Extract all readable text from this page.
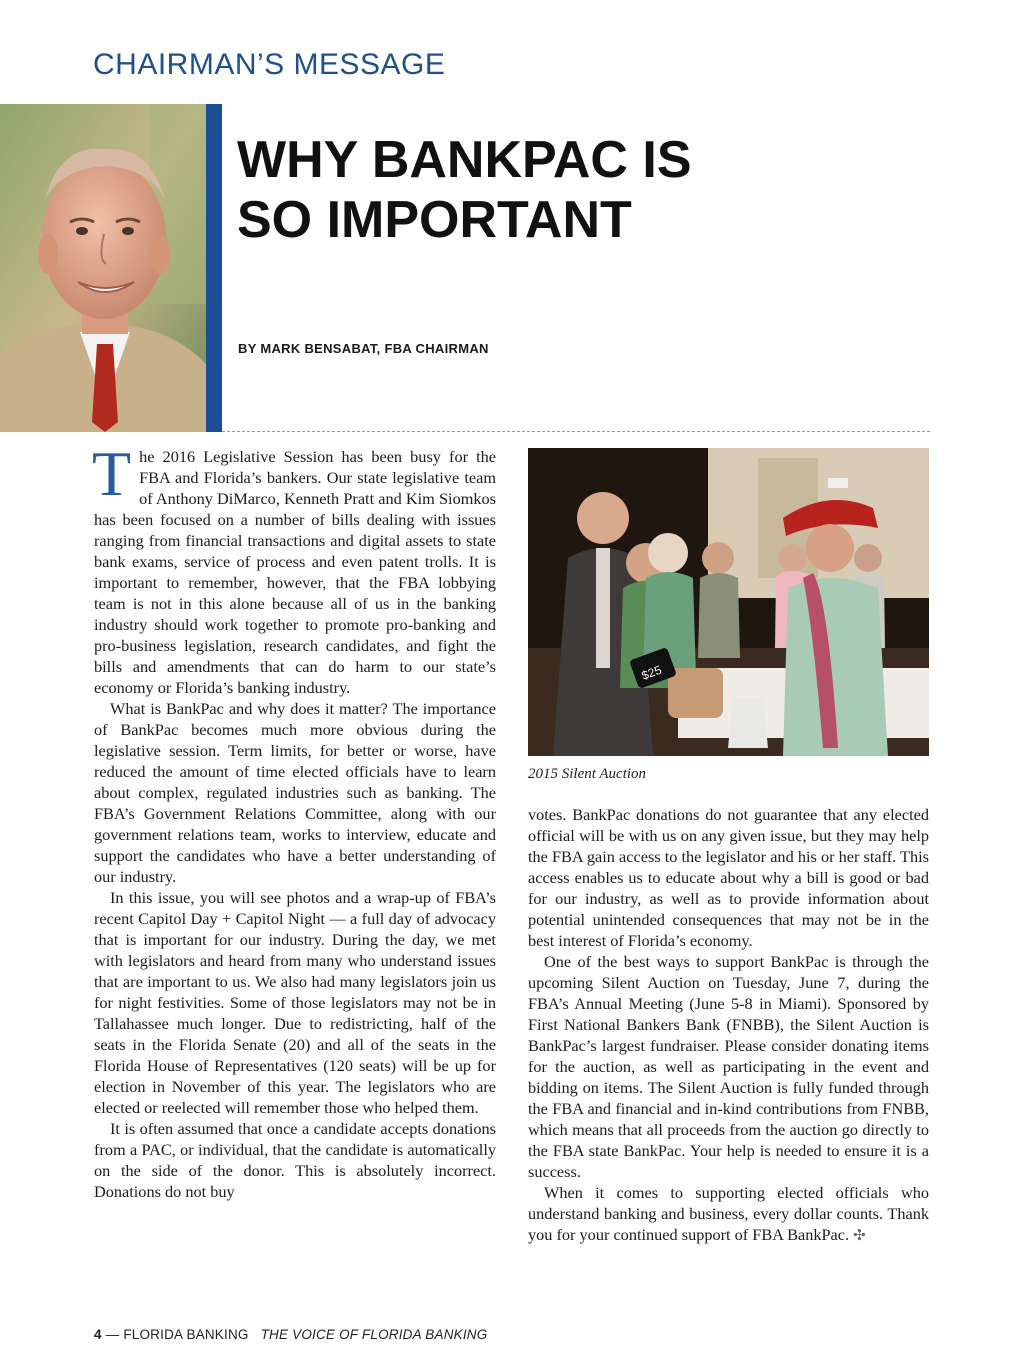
CHAIRMAN’S MESSAGE
WHY BANKPAC IS
SO IMPORTANT
BY MARK BENSABAT, FBA CHAIRMAN

The 2016 Legislative Session has been busy for the FBA and Florida’s bankers. Our state legislative team of Anthony DiMarco, Kenneth Pratt and Kim Siomkos has been focused on a number of bills dealing with issues ranging from financial transactions and digital assets to state bank exams, service of process and even patent trolls. It is important to remember, however, that the FBA lobbying team is not in this alone because all of us in the banking industry should work together to promote pro-banking and pro-business legislation, research candidates, and fight the bills and amendments that can do harm to our state’s economy or Florida’s banking industry.

What is BankPac and why does it matter? The importance of BankPac becomes much more obvious during the legislative session. Term limits, for better or worse, have reduced the amount of time elected officials have to learn about complex, regulated industries such as banking. The FBA’s Government Relations Committee, along with our government relations team, works to interview, educate and support the candidates who have a better understanding of our industry.

In this issue, you will see photos and a wrap-up of FBA’s recent Capitol Day + Capitol Night — a full day of advocacy that is important for our industry. During the day, we met with legislators and heard from many who understand issues that are important to us. We also had many legislators join us for night festivities. Some of those legislators may not be in Tallahassee much longer. Due to redistricting, half of the seats in the Florida Senate (20) and all of the seats in the Florida House of Representatives (120 seats) will be up for election in November of this year. The legislators who are elected or reelected will remember those who helped them.

It is often assumed that once a candidate accepts donations from a PAC, or individual, that the candidate is automatically on the side of the donor. This is absolutely incorrect. Donations do not buy

$25
2015 Silent Auction

votes. BankPac donations do not guarantee that any elected official will be with us on any given issue, but they may help the FBA gain access to the legislator and his or her staff. This access enables us to educate about why a bill is good or bad for our industry, as well as to provide information about potential unintended consequences that may not be in the best interest of Florida’s economy.

One of the best ways to support BankPac is through the upcoming Silent Auction on Tuesday, June 7, during the FBA’s Annual Meeting (June 5-8 in Miami). Sponsored by First National Bankers Bank (FNBB), the Silent Auction is BankPac’s largest fundraiser. Please consider donating items for the auction, as well as participating in the event and bidding on items. The Silent Auction is fully funded through the FBA and financial and in-kind contributions from FNBB, which means that all proceeds from the auction go directly to the FBA state BankPac. Your help is needed to ensure it is a success.

When it comes to supporting elected officials who understand banking and business, every dollar counts. Thank you for your continued support of FBA BankPac. ✣

4 — FLORIDA BANKING THE VOICE OF FLORIDA BANKING
